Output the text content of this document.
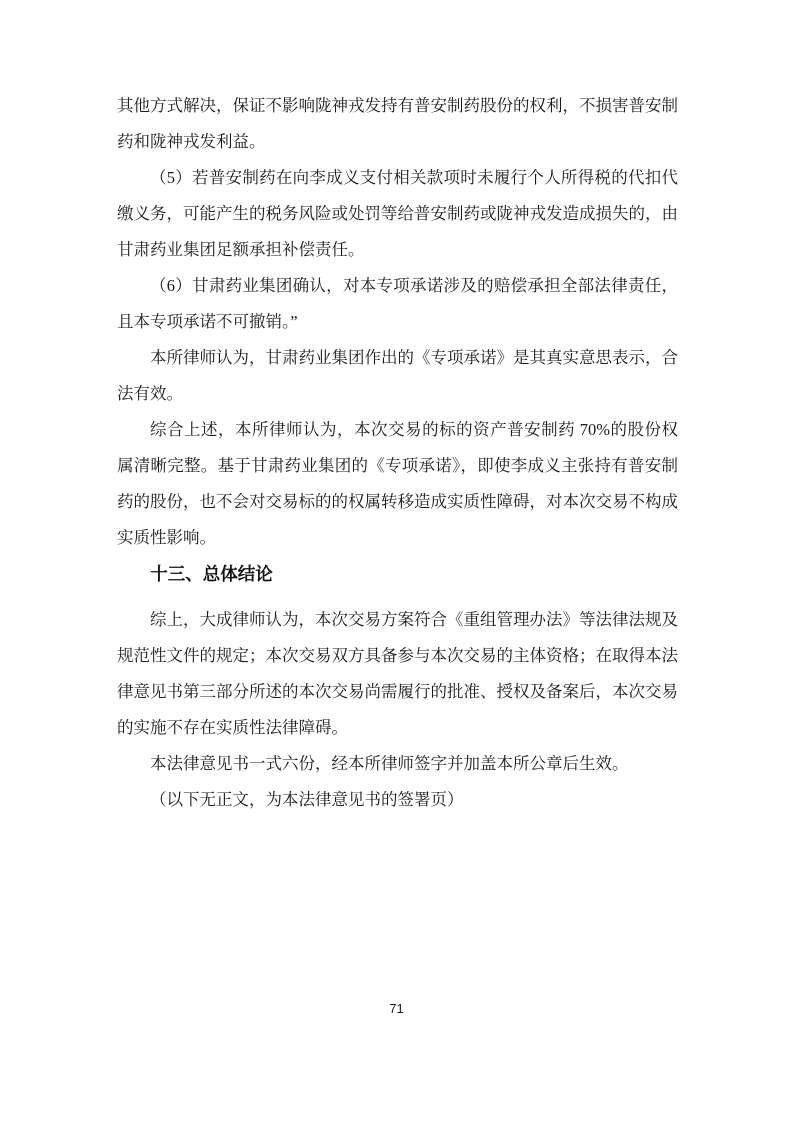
其他方式解决，保证不影响陇神戎发持有普安制药股份的权利，不损害普安制药和陇神戎发利益。

（5）若普安制药在向李成义支付相关款项时未履行个人所得税的代扣代缴义务，可能产生的税务风险或处罚等给普安制药或陇神戎发造成损失的，由甘肃药业集团足额承担补偿责任。

（6）甘肃药业集团确认，对本专项承诺涉及的赔偿承担全部法律责任，且本专项承诺不可撤销。”

本所律师认为，甘肃药业集团作出的《专项承诺》是其真实意思表示，合法有效。

综合上述，本所律师认为，本次交易的标的资产普安制药 70%的股份权属清晰完整。基于甘肃药业集团的《专项承诺》，即使李成义主张持有普安制药的股份，也不会对交易标的的权属转移造成实质性障碍，对本次交易不构成实质性影响。

十三、总体结论

综上，大成律师认为，本次交易方案符合《重组管理办法》等法律法规及规范性文件的规定；本次交易双方具备参与本次交易的主体资格；在取得本法律意见书第三部分所述的本次交易尚需履行的批准、授权及备案后，本次交易的实施不存在实质性法律障碍。

本法律意见书一式六份，经本所律师签字并加盖本所公章后生效。

（以下无正文，为本法律意见书的签署页）

71
